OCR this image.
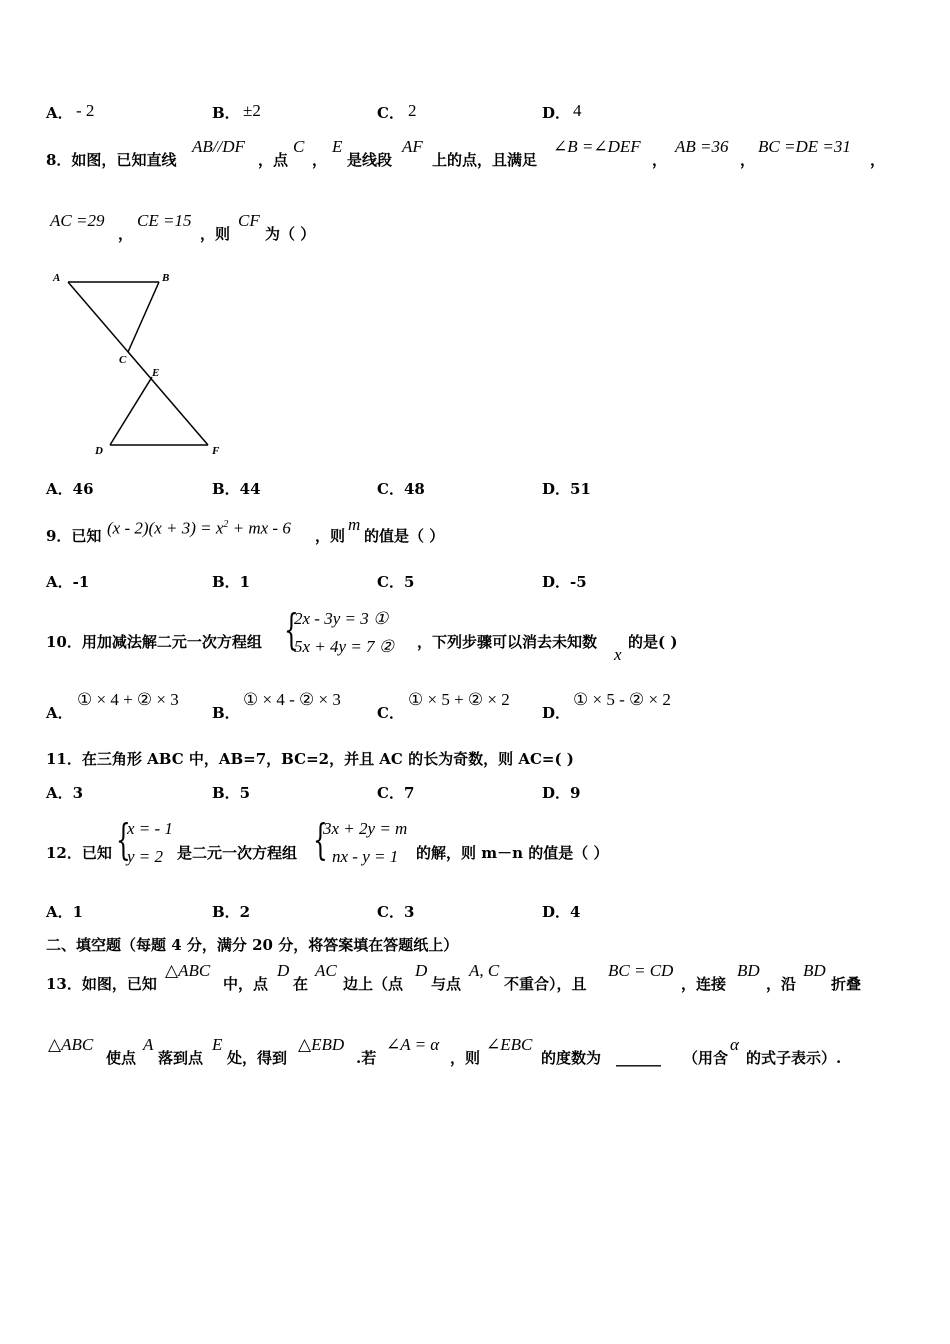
A． - 2	B． ±2	C． 2	D． 4
8．如图，已知直线
AB//DF
，点
C
，
E
是线段
AF
上的点，且满足
∠B =∠DEF
，
AB =36
，
BC =DE =31
，
AC =29
，
CE =15
，则
CF
为（ ）
A	B
C
E
D	F
A．46	B．44	C．48	D．51
9．已知 $(x - 2)(x + 3) = x^2$ + mx - 6 ，则
m
的值是（ ）
A．-1	B．1	C．5	D．-5
10．用加减法解二元一次方程组 {
2x - 3y = 3 ①
5x + 4y = 7 ② ，下列步骤可以消去未知数
x
的是( )
A．
① × 4 + ② × 3
B．
① × 4 - ② × 3
C．
① × 5 + ② × 2
D．
① × 5 - ② × 2
11．在三角形 ABC 中，AB=7，BC=2，并且 AC 的长为奇数，则 AC=( )
A．3	B．5	C．7	D．9
12．已知 {
x = - 1
y = 2 是二元一次方程组 {
3x + 2y = m
nx - y = 1 的解，则 m－n 的值是（ ）
A．1	B．2	C．3	D．4
二、填空题（每题 4 分，满分 20 分，将答案填在答题纸上）
13．如图，已知
△ABC
中，点
D
在
AC
边上（点
D
与点
A, C
不重合），且
BC = CD
，连接
BD
，沿
BD
折叠
△ABC
使点
A
落到点
E
处，得到
△EBD
.若
∠A = α
，则
∠EBC
的度数为 ______ （用含
α
的式子表示）.
